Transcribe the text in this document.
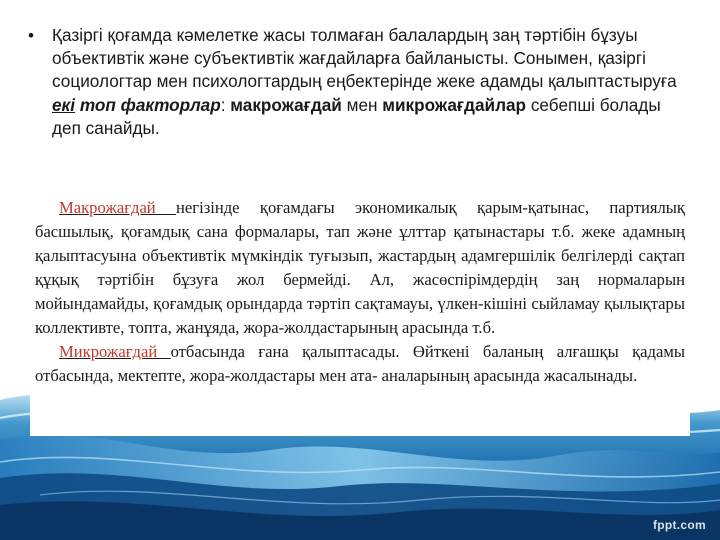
•	Қазіргі қоғамда кәмелетке жасы толмаған балалардың заң тәртібін бұзуы объективтік және субъективтік жағдайларға байланысты. Сонымен, қазіргі социологтар мен психологтардың еңбектерінде жеке адамды қалыптастыруға екі топ факторлар: макрожағдай мен микрожағдайлар себепші болады деп санайды.

Макрожағдай негізінде қоғамдағы экономикалық қарым-қатынас, партиялық басшылық, қоғамдық сана формалары, тап және ұлттар қатынастары т.б. жеке адамның қалыптасуына объективтік мүмкіндік туғызып, жастардың адамгершілік белгілерді сақтап құқық тәртібін бұзуға жол бермейді. Ал, жасөспірімдердің заң нормаларын мойындамайды, қоғамдық орындарда тәртіп сақтамауы, үлкен-кішіні сыйламау қылықтары коллективте, топта, жанұяда, жора-жолдастарының арасында т.б.

Микрожағдай отбасында ғана қалыптасады. Өйткені баланың алғашқы қадамы отбасында, мектепте, жора-жолдастары мен ата- аналарының арасында жасалынады.

fppt.com
